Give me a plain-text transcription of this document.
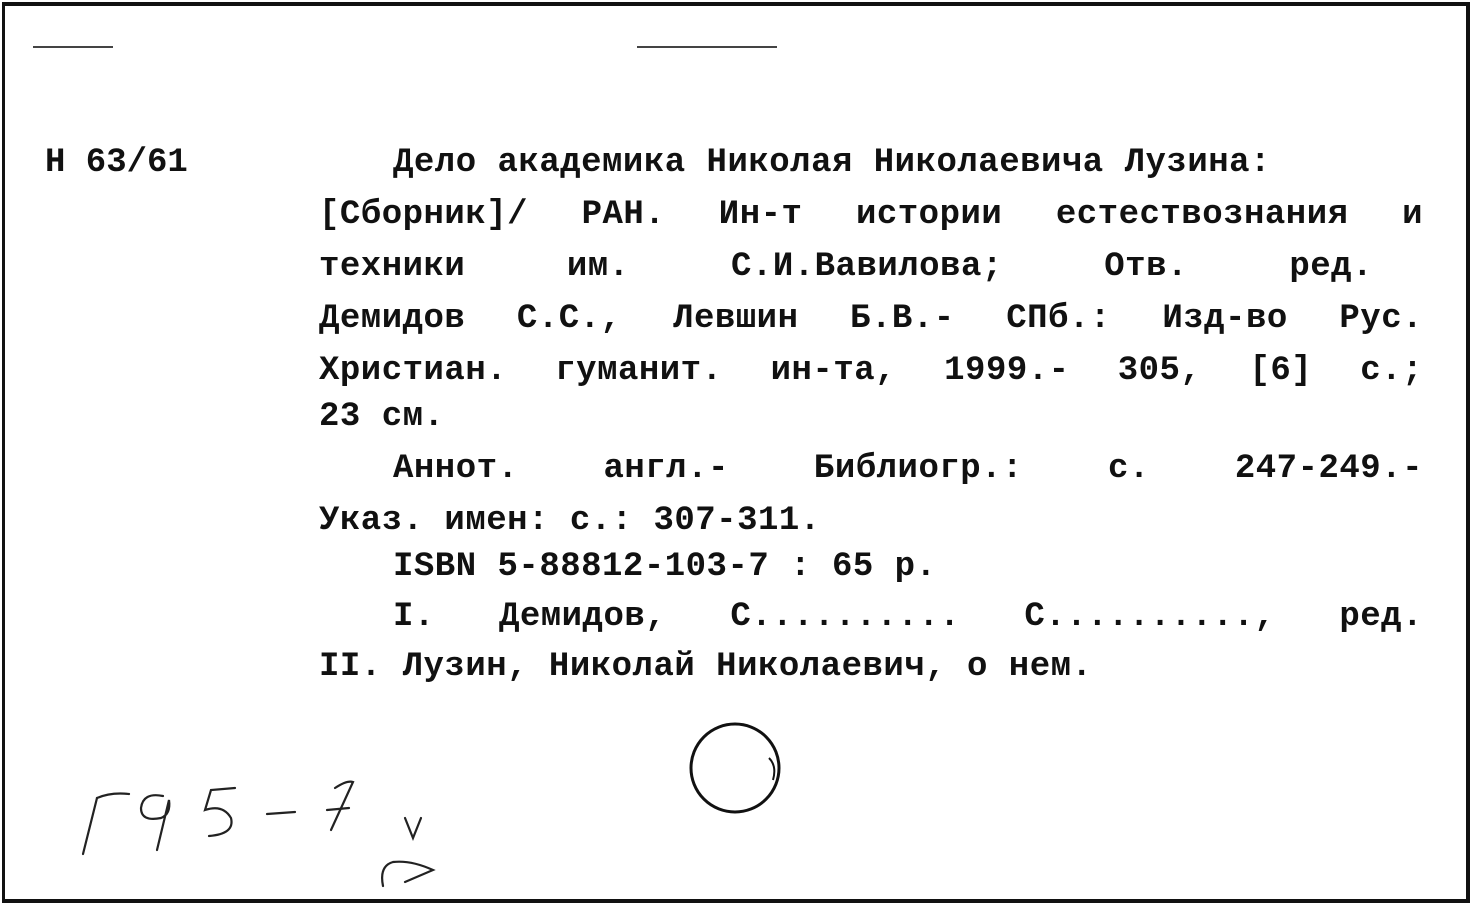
Н 63/61	Дело академика Николая Николаевича Лузина:
[Сборник]/ РАН. Ин-т истории естествознания и
техники им. С.И.Вавилова; Отв. ред.
Демидов С.С., Левшин Б.В.- СПб.: Изд-во Рус.
Христиан. гуманит. ин-та, 1999.- 305, [6] с.;
23 см.
Аннот. англ.- Библиогр.: с. 247-249.-
Указ. имен: с.: 307-311.
ISBN 5-88812-103-7 : 65 р.
I. Демидов, С.......... С.........., ред.
II. Лузин, Николай Николаевич, о нем.
